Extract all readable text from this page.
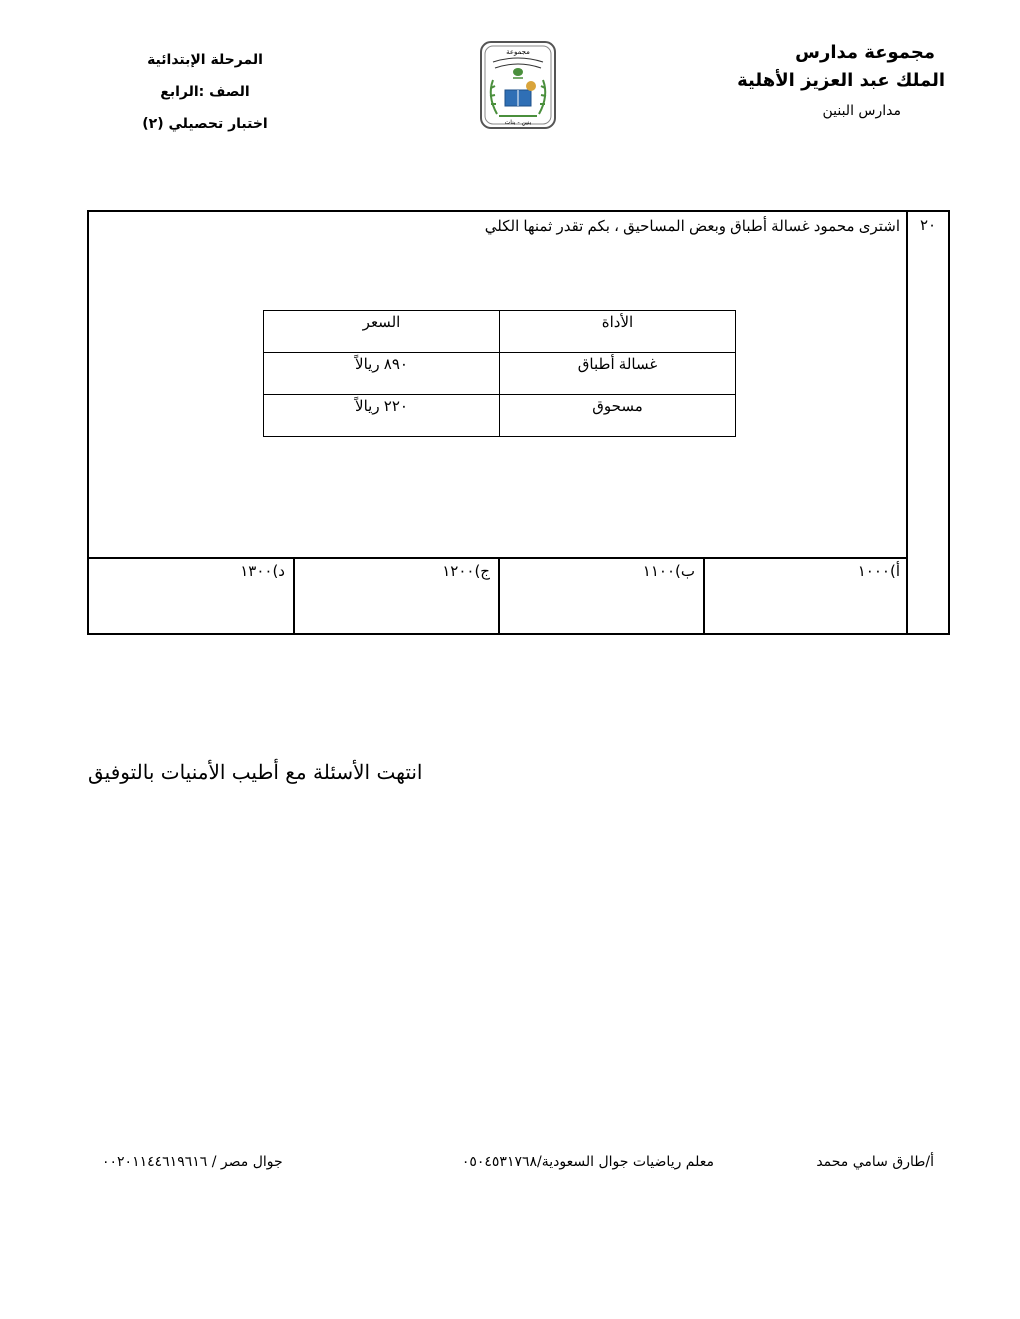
مجموعة مدارس
الملك عبد العزيز الأهلية
مدارس البنين
مجموعة
بنين - بنات
المرحلة الإبتدائية
الصف :الرابع
اختبار تحصيلي (٢)
٢٠
اشترى محمود غسالة أطباق وبعض المساحيق ، بكم تقدر ثمنها الكلي
الأداة	السعر
غسالة أطباق	٨٩٠ ريالاً
مسحوق	٢٢٠ ريالاً
أ)١٠٠٠
ب)١١٠٠
ج)١٢٠٠
د)١٣٠٠
انتهت الأسئلة مع أطيب الأمنيات بالتوفيق
أ/طارق سامي محمد
معلم رياضيات جوال السعودية/٠٥٠٤٥٣١٧٦٨
جوال مصر / ٠٠٢٠١١٤٤٦١٩٦١٦
